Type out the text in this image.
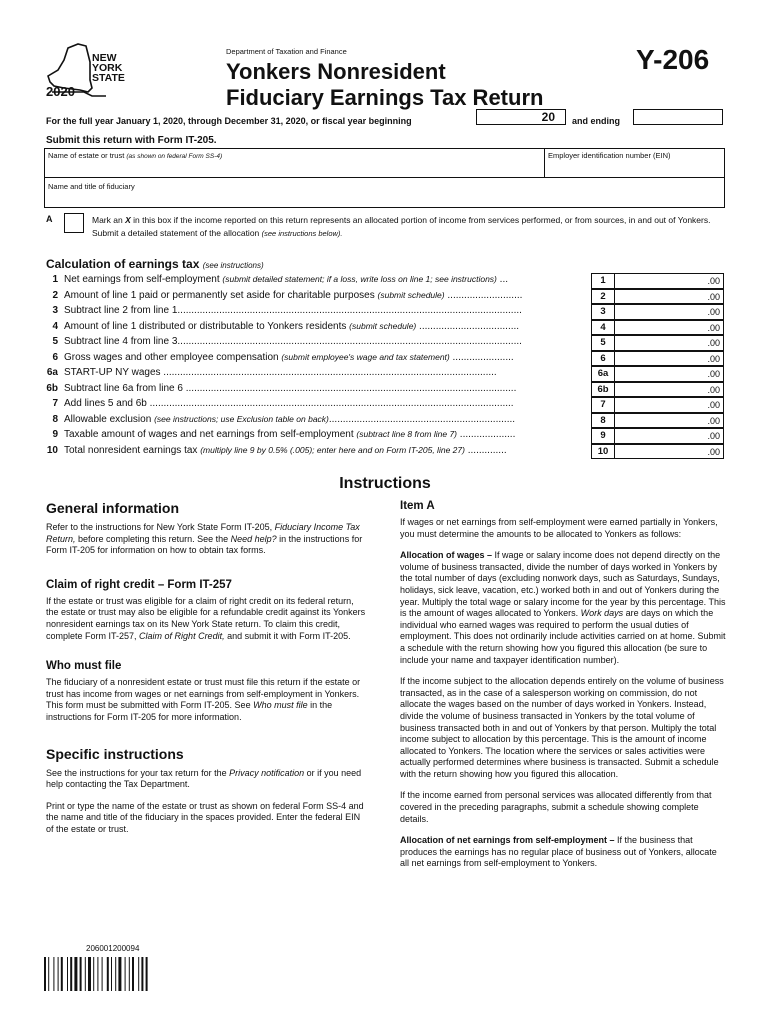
NEW
YORK
STATE
2020
Department of Taxation and Finance
Yonkers Nonresident
Fiduciary Earnings Tax Return
Y-206
For the full year January 1, 2020, through December 31, 2020, or fiscal year beginning	20	and ending
Submit this return with Form IT-205.
Name of estate or trust (as shown on federal Form SS-4)	Employer identification number (EIN)
Name and title of fiduciary
A	Mark an X in this box if the income reported on this return represents an allocated portion of income from services performed, or from sources, in and out of Yonkers. Submit a detailed statement of the allocation (see instructions below).
Calculation of earnings tax (see instructions)
1 Net earnings from self-employment (submit detailed statement; if a loss, write loss on line 1; see instructions) ...	1	.00
2 Amount of line 1 paid or permanently set aside for charitable purposes (submit schedule) ...........................	2	.00
3 Subtract line 2 from line 1............................................................................................................................	3	.00
4 Amount of line 1 distributed or distributable to Yonkers residents (submit schedule) ....................................	4	.00
5 Subtract line 4 from line 3............................................................................................................................	5	.00
6 Gross wages and other employee compensation (submit employee's wage and tax statement) ......................	6	.00
6a START-UP NY wages ........................................................................................................................	6a	.00
6b Subtract line 6a from line 6 .......................................................................................................................	6b	.00
7 Add lines 5 and 6b ...................................................................................................................................	7	.00
8 Allowable exclusion (see instructions; use Exclusion table on back)...................................................................	8	.00
9 Taxable amount of wages and net earnings from self-employment (subtract line 8 from line 7) ....................	9	.00
10 Total nonresident earnings tax (multiply line 9 by 0.5% (.005); enter here and on Form IT-205, line 27) ..............	10	.00
Instructions
General information

Refer to the instructions for New York State Form IT-205, Fiduciary Income Tax Return, before completing this return. See the Need help? in the instructions for Form IT-205 for information on how to obtain tax forms.

Claim of right credit – Form IT-257

If the estate or trust was eligible for a claim of right credit on its federal return, the estate or trust may also be eligible for a refundable credit against its Yonkers nonresident earnings tax on its New York State return. To claim this credit, complete Form IT-257, Claim of Right Credit, and submit it with Form IT-205.

Who must file

The fiduciary of a nonresident estate or trust must file this return if the estate or trust has income from wages or net earnings from self-employment in Yonkers. This form must be submitted with Form IT-205. See Who must file in the instructions for Form IT-205 for more information.

Specific instructions

See the instructions for your tax return for the Privacy notification or if you need help contacting the Tax Department.

Print or type the name of the estate or trust as shown on federal Form SS-4 and the name and title of the fiduciary in the spaces provided. Enter the federal EIN of the estate or trust.

Item A

If wages or net earnings from self-employment were earned partially in Yonkers, you must determine the amounts to be allocated to Yonkers as follows:

Allocation of wages – If wage or salary income does not depend directly on the volume of business transacted, divide the number of days worked in Yonkers by the total number of days (excluding nonwork days, such as Saturdays, Sundays, holidays, sick leave, vacation, etc.) worked both in and out of Yonkers during the year. Multiply the total wage or salary income for the year by this percentage. This is the amount of wages allocated to Yonkers. Work days are days on which the individual who earned wages was required to perform the usual duties of employment. This does not ordinarily include activities carried on at home. Submit a schedule with the return showing how you figured this allocation (be sure to include your name and taxpayer identification number).

If the income subject to the allocation depends entirely on the volume of business transacted, as in the case of a salesperson working on commission, do not allocate the wages based on the number of days worked in Yonkers. Instead, divide the volume of business transacted in Yonkers by the total volume of business transacted both in and out of Yonkers by that person. Multiply the total income subject to allocation by this percentage. This is the amount of income allocated to Yonkers. The location where the services or sales activities were actually performed determines where business is transacted. Submit a schedule with the return showing how you figured this allocation.

If the income earned from personal services was allocated differently from that covered in the preceding paragraphs, submit a schedule showing complete details.

Allocation of net earnings from self-employment – If the business that produces the earnings has no regular place of business out of Yonkers, allocate all net earnings from self-employment to Yonkers.

206001200094
